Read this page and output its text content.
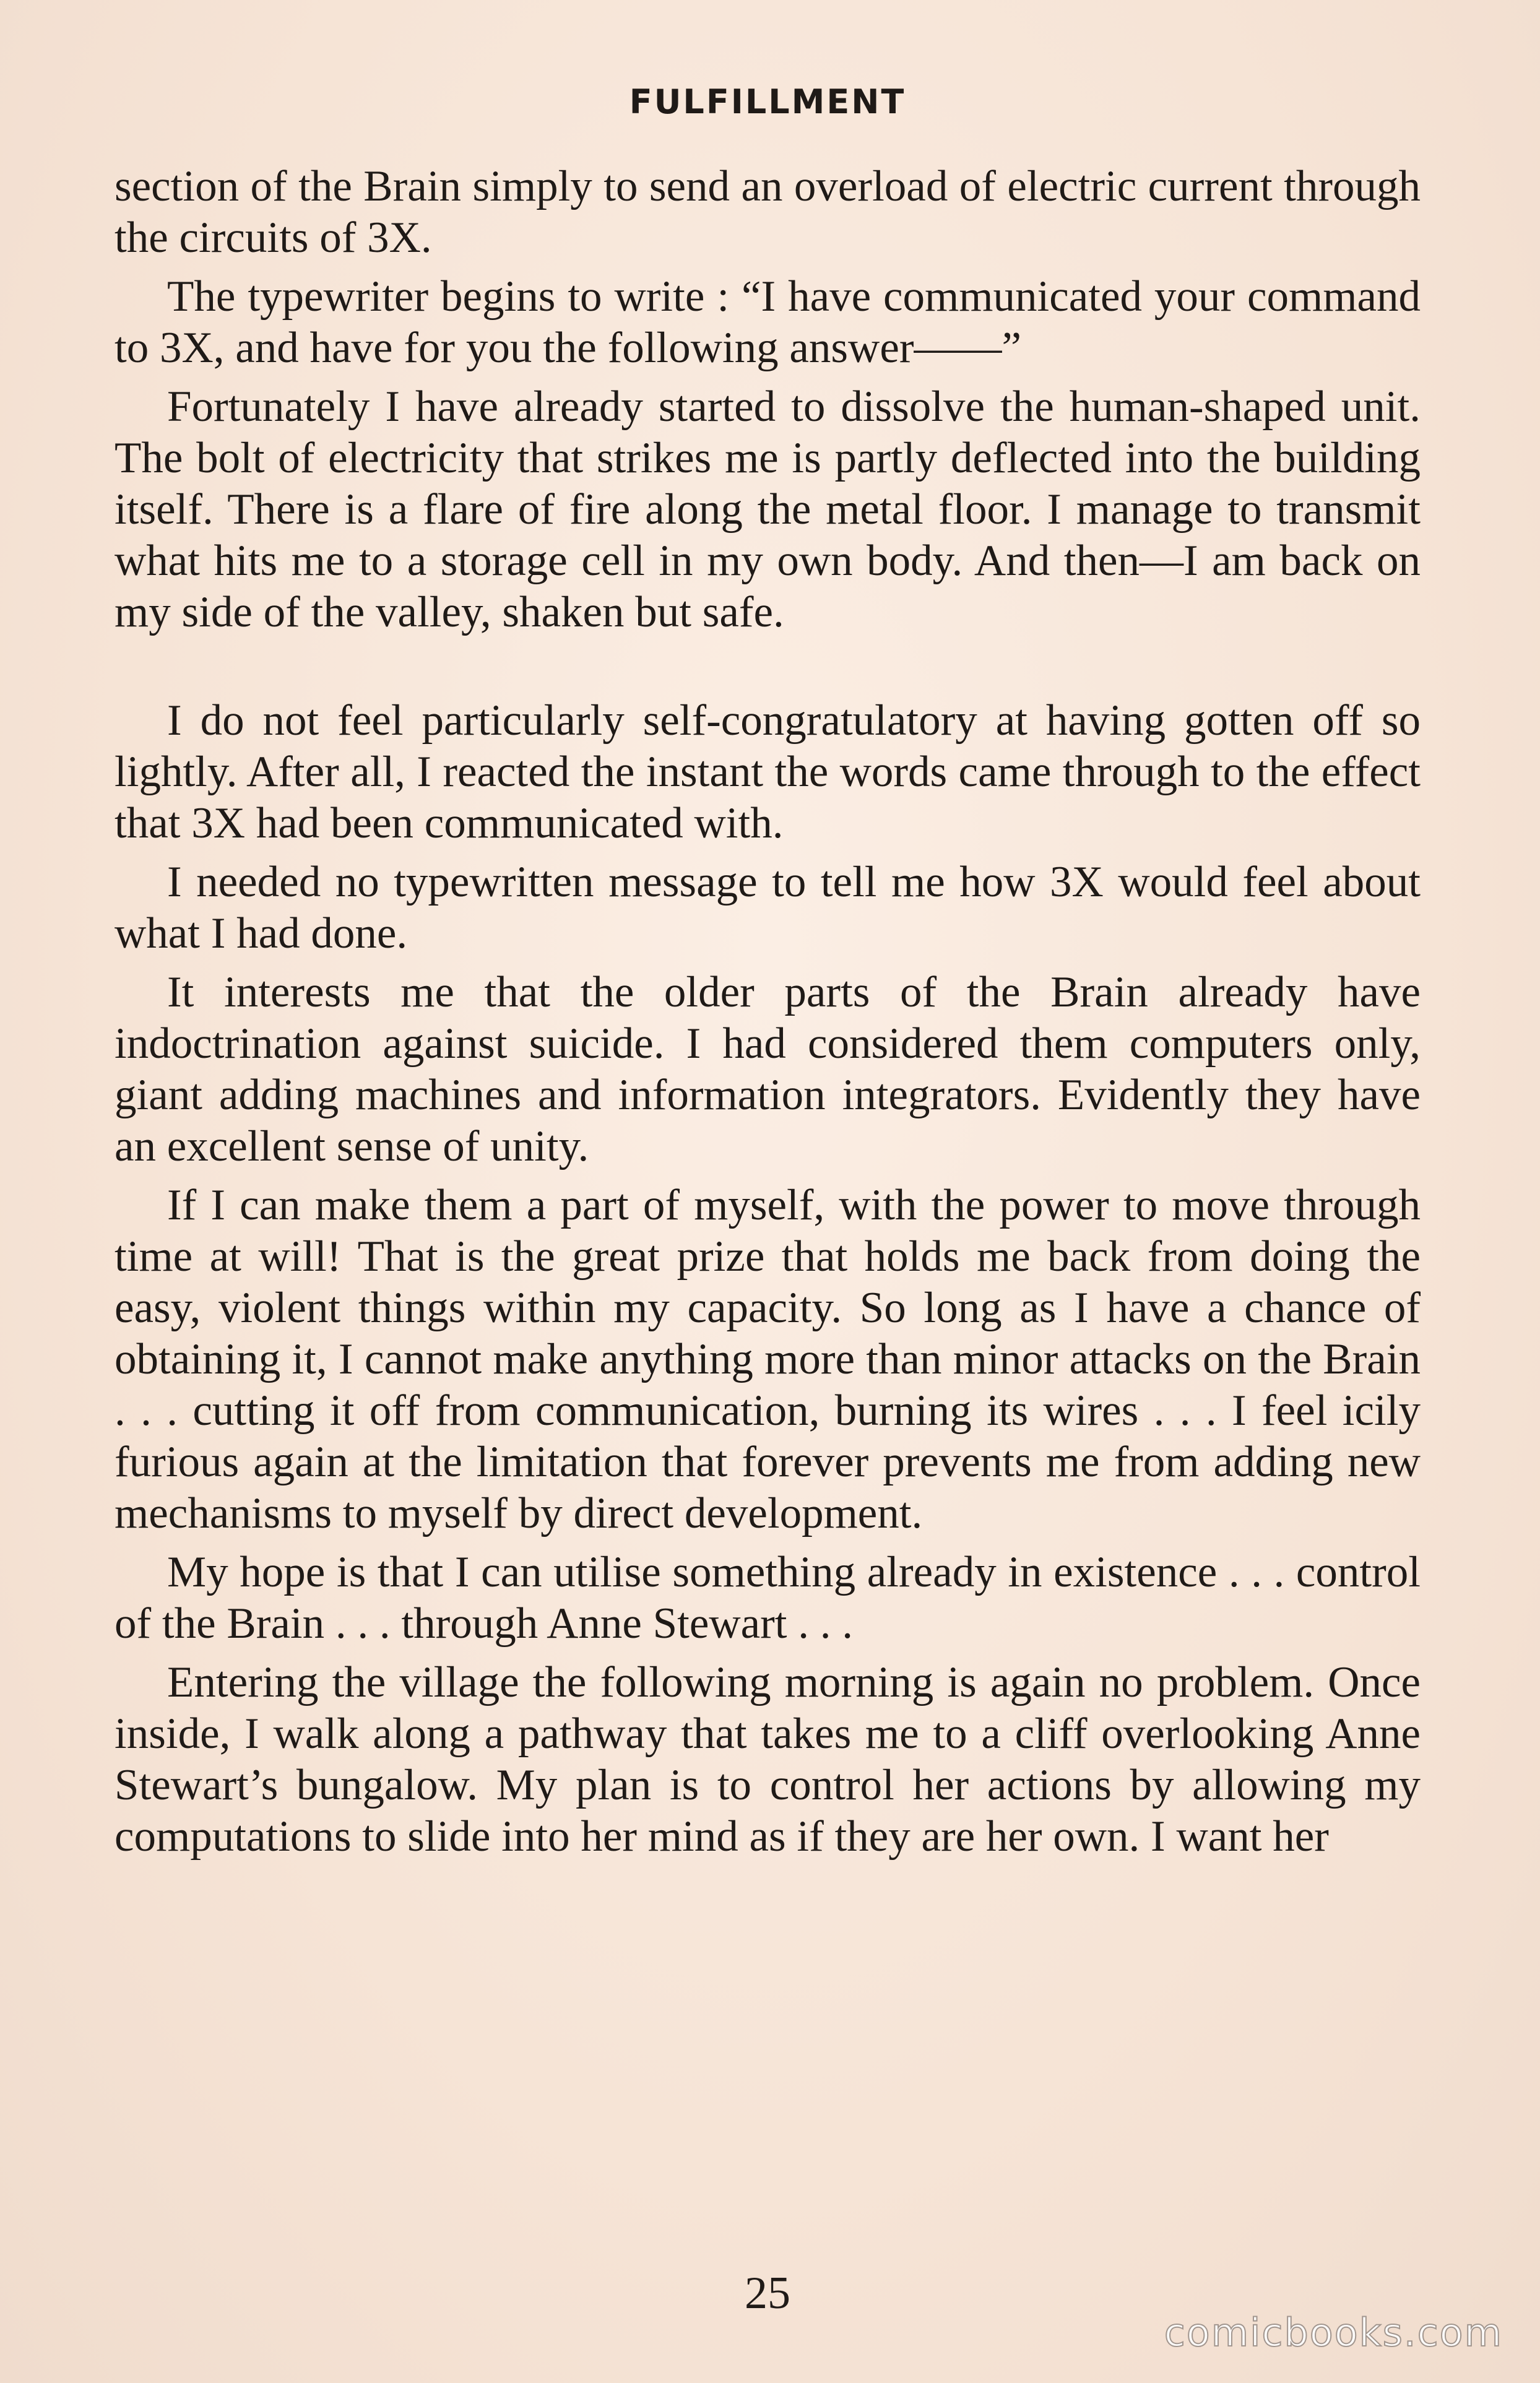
FULFILLMENT

section of the Brain simply to send an overload of electric current through the circuits of 3X.

The typewriter begins to write : “I have communicated your command to 3X, and have for you the following answer——”

Fortunately I have already started to dissolve the human-shaped unit. The bolt of electricity that strikes me is partly deflected into the building itself. There is a flare of fire along the metal floor. I manage to transmit what hits me to a storage cell in my own body. And then—I am back on my side of the valley, shaken but safe.

I do not feel particularly self-congratulatory at having gotten off so lightly. After all, I reacted the instant the words came through to the effect that 3X had been communicated with.

I needed no typewritten message to tell me how 3X would feel about what I had done.

It interests me that the older parts of the Brain already have indoctrination against suicide. I had considered them computers only, giant adding machines and information integrators. Evidently they have an excellent sense of unity.

If I can make them a part of myself, with the power to move through time at will! That is the great prize that holds me back from doing the easy, violent things within my capacity. So long as I have a chance of obtaining it, I cannot make anything more than minor attacks on the Brain . . . cutting it off from communication, burning its wires . . . I feel icily furious again at the limitation that forever prevents me from adding new mechanisms to myself by direct development.

My hope is that I can utilise something already in existence . . . control of the Brain . . . through Anne Stewart . . .

Entering the village the following morning is again no problem. Once inside, I walk along a pathway that takes me to a cliff overlooking Anne Stewart’s bungalow. My plan is to control her actions by allowing my computations to slide into her mind as if they are her own. I want her

25
comicbooks.com
